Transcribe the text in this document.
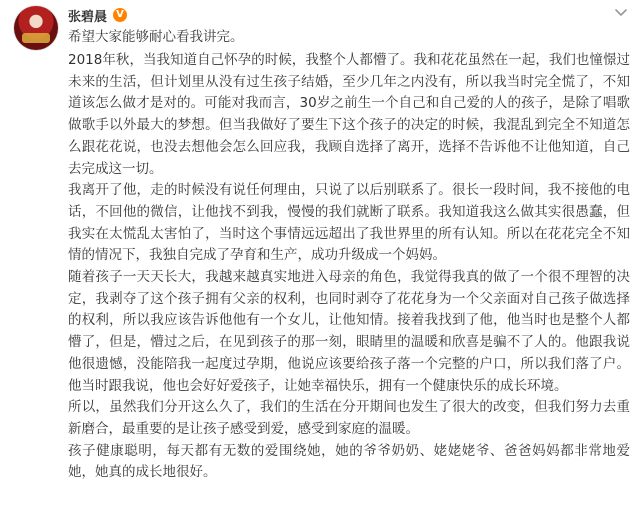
张碧晨 V
希望大家能够耐心看我讲完。

2018年秋，当我知道自己怀孕的时候，我整个人都懵了。我和花花虽然在一起，我们也憧憬过未来的生活，但计划里从没有过生孩子结婚，至少几年之内没有，所以我当时完全慌了，不知道该怎么做才是对的。可能对我而言，30岁之前生一个自己和自己爱的人的孩子，是除了唱歌做歌手以外最大的梦想。但当我做好了要生下这个孩子的决定的时候，我混乱到完全不知道怎么跟花花说，也没去想他会怎么回应我，我顾自选择了离开，选择不告诉他不让他知道，自己去完成这一切。

我离开了他，走的时候没有说任何理由，只说了以后别联系了。很长一段时间，我不接他的电话，不回他的微信，让他找不到我，慢慢的我们就断了联系。我知道我这么做其实很愚蠢，但我实在太慌乱太害怕了，当时这个事情远远超出了我世界里的所有认知。所以在花花完全不知情的情况下，我独自完成了孕育和生产，成功升级成一个妈妈。

随着孩子一天天长大，我越来越真实地进入母亲的角色，我觉得我真的做了一个很不理智的决定，我剥夺了这个孩子拥有父亲的权利，也同时剥夺了花花身为一个父亲面对自己孩子做选择的权利，所以我应该告诉他他有一个女儿，让他知情。接着我找到了他，他当时也是整个人都懵了，但是，懵过之后，在见到孩子的那一刻，眼睛里的温暖和欣喜是骗不了人的。他跟我说他很遗憾，没能陪我一起度过孕期，他说应该要给孩子落一个完整的户口，所以我们落了户。他当时跟我说，他也会好好爱孩子，让她幸福快乐，拥有一个健康快乐的成长环境。

所以，虽然我们分开这么久了，我们的生活在分开期间也发生了很大的改变，但我们努力去重新磨合，最重要的是让孩子感受到爱，感受到家庭的温暖。

孩子健康聪明，每天都有无数的爱围绕她，她的爷爷奶奶、姥姥姥爷、爸爸妈妈都非常地爱她，她真的成长地很好。
